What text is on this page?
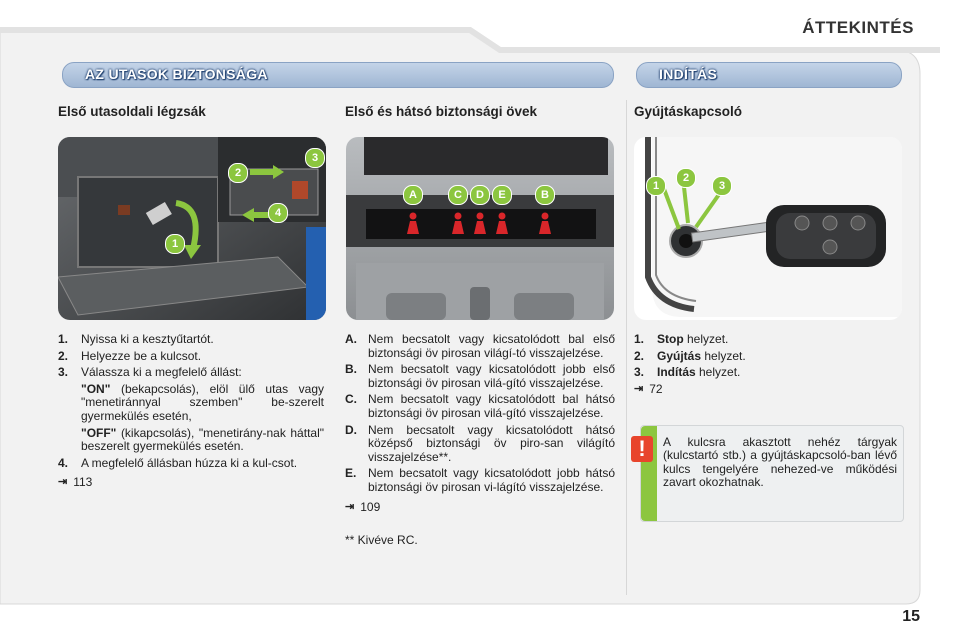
ÁTTEKINTÉS
AZ UTASOK BIZTONSÁGA	INDÍTÁS
Első utasoldali légzsák	Első és hátsó biztonsági övek	Gyújtáskapcsoló
1
2
3
4
A	C	D	E	B
1
2
3
1.	Nyissa ki a kesztyűtartót.
2.	Helyezze be a kulcsot.
3.	Válassza ki a megfelelő állást:
"ON" (bekapcsolás), elöl ülő utas vagy "menetiránnyal szemben" be-szerelt gyermekülés esetén,
"OFF" (kikapcsolás), "menetirány-nak háttal" beszerelt gyermekülés esetén.
4.	A megfelelő állásban húzza ki a kul-csot.
⇥ 113
A. Nem becsatolt vagy kicsatolódott bal első biztonsági öv pirosan világí-tó visszajelzése.
B. Nem becsatolt vagy kicsatolódott jobb első biztonsági öv pirosan vilá-gító visszajelzése.
C. Nem becsatolt vagy kicsatolódott bal hátsó biztonsági öv pirosan vilá-gító visszajelzése.
D. Nem becsatolt vagy kicsatolódott hátsó középső biztonsági öv piro-san világító visszajelzése**.
E. Nem becsatolt vagy kicsatolódott jobb hátsó biztonsági öv pirosan vi-lágító visszajelzése.
⇥ 109
** Kivéve RC.
1.	Stop helyzet.
2.	Gyújtás helyzet.
3.	Indítás helyzet.
⇥ 72
!	A kulcsra akasztott nehéz tárgyak (kulcstartó stb.) a gyújtáskapcsoló-ban lévő kulcs tengelyére nehezed-ve működési zavart okozhatnak.
15
